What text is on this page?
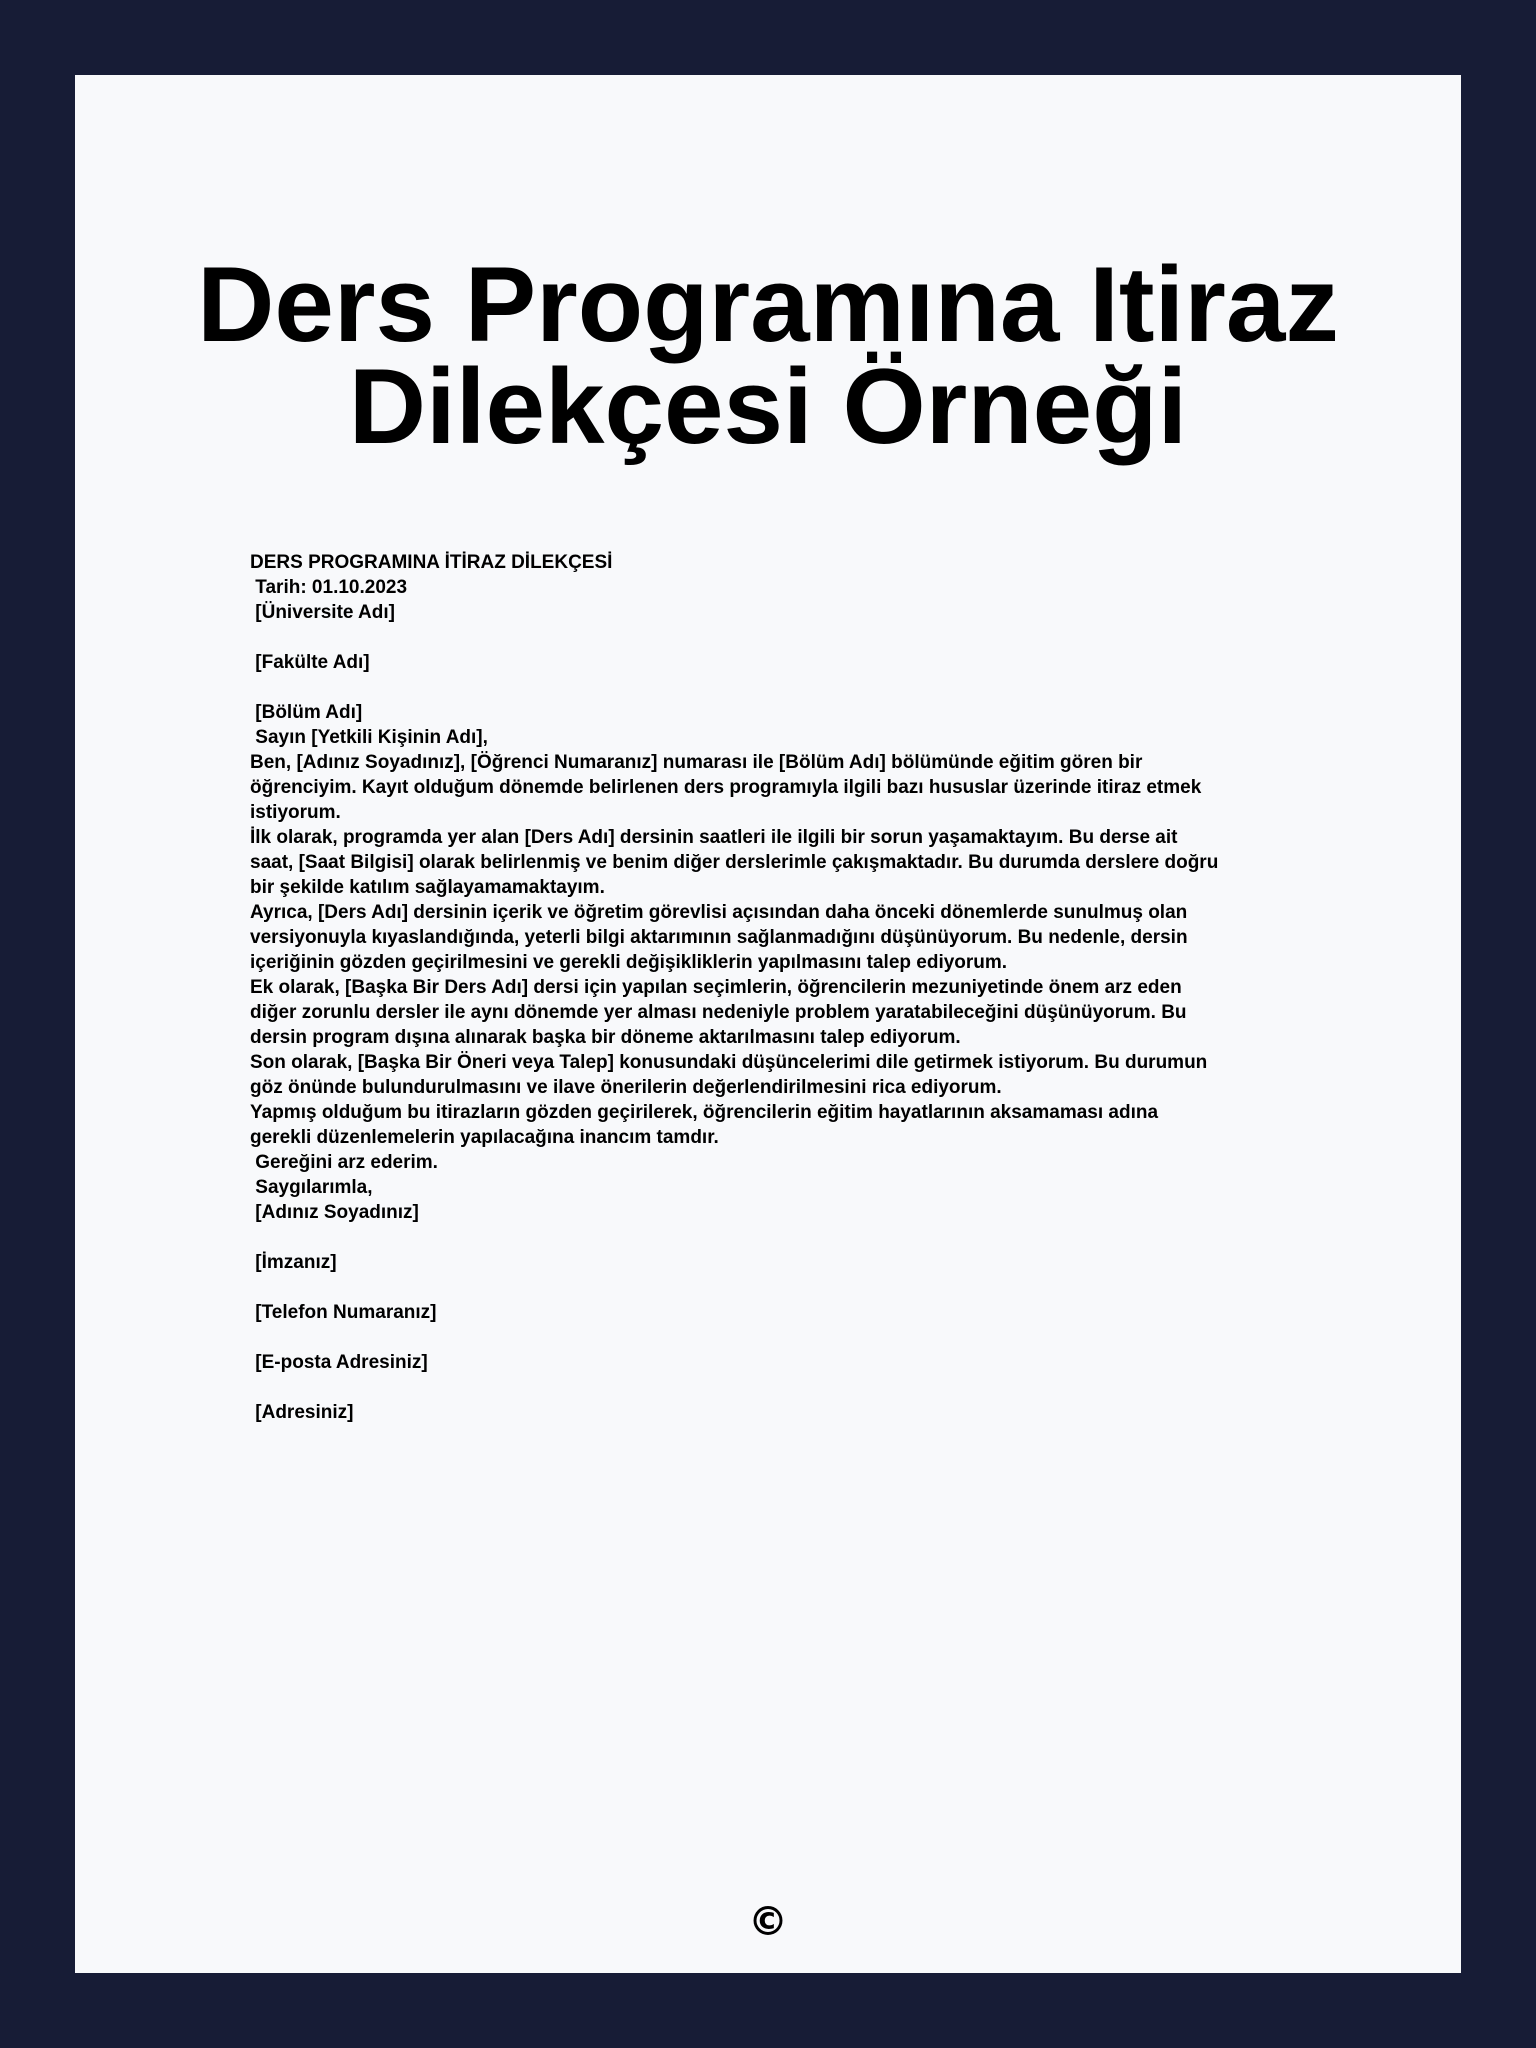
Ders Programına Itiraz
Dilekçesi Örneği
DERS PROGRAMINA İTİRAZ DİLEKÇESİ
Tarih: 01.10.2023
[Üniversite Adı]
[Fakülte Adı]
[Bölüm Adı]
Sayın [Yetkili Kişinin Adı],
Ben, [Adınız Soyadınız], [Öğrenci Numaranız] numarası ile [Bölüm Adı] bölümünde eğitim gören bir
öğrenciyim. Kayıt olduğum dönemde belirlenen ders programıyla ilgili bazı hususlar üzerinde itiraz etmek
istiyorum.
İlk olarak, programda yer alan [Ders Adı] dersinin saatleri ile ilgili bir sorun yaşamaktayım. Bu derse ait
saat, [Saat Bilgisi] olarak belirlenmiş ve benim diğer derslerimle çakışmaktadır. Bu durumda derslere doğru
bir şekilde katılım sağlayamamaktayım.
Ayrıca, [Ders Adı] dersinin içerik ve öğretim görevlisi açısından daha önceki dönemlerde sunulmuş olan
versiyonuyla kıyaslandığında, yeterli bilgi aktarımının sağlanmadığını düşünüyorum. Bu nedenle, dersin
içeriğinin gözden geçirilmesini ve gerekli değişikliklerin yapılmasını talep ediyorum.
Ek olarak, [Başka Bir Ders Adı] dersi için yapılan seçimlerin, öğrencilerin mezuniyetinde önem arz eden
diğer zorunlu dersler ile aynı dönemde yer alması nedeniyle problem yaratabileceğini düşünüyorum. Bu
dersin program dışına alınarak başka bir döneme aktarılmasını talep ediyorum.
Son olarak, [Başka Bir Öneri veya Talep] konusundaki düşüncelerimi dile getirmek istiyorum. Bu durumun
göz önünde bulundurulmasını ve ilave önerilerin değerlendirilmesini rica ediyorum.
Yapmış olduğum bu itirazların gözden geçirilerek, öğrencilerin eğitim hayatlarının aksamaması adına
gerekli düzenlemelerin yapılacağına inancım tamdır.
Gereğini arz ederim.
Saygılarımla,
[Adınız Soyadınız]
[İmzanız]
[Telefon Numaranız]
[E-posta Adresiniz]
[Adresiniz]
©
